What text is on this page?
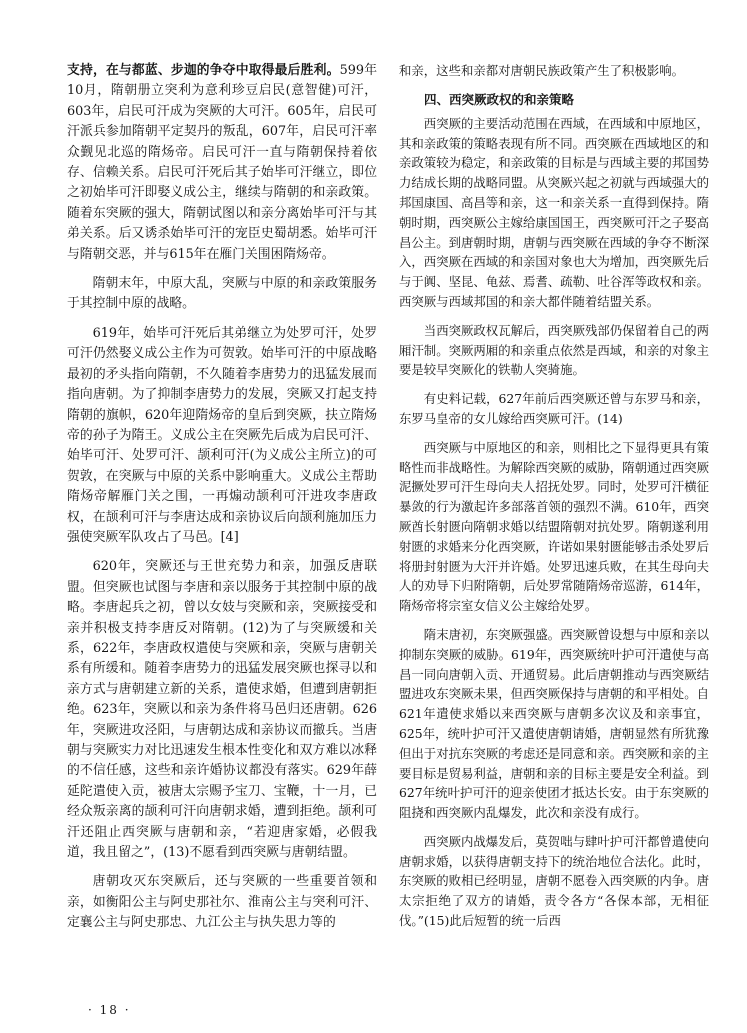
支持，在与都蓝、步迦的争夺中取得最后胜利。599年10月，隋朝册立突利为意利珍豆启民(意智健)可汗，603年，启民可汗成为突厥的大可汗。605年，启民可汗派兵参加隋朝平定契丹的叛乱，607年，启民可汗率众觐见北巡的隋炀帝。启民可汗一直与隋朝保持着依存、信赖关系。启民可汗死后其子始毕可汗继立，即位之初始毕可汗即娶义成公主，继续与隋朝的和亲政策。随着东突厥的强大，隋朝试图以和亲分离始毕可汗与其弟关系。后又诱杀始毕可汗的宠臣史蜀胡悉。始毕可汗与隋朝交恶，并与615年在雁门关围困隋炀帝。

隋朝末年，中原大乱，突厥与中原的和亲政策服务于其控制中原的战略。

619年，始毕可汗死后其弟继立为处罗可汗，处罗可汗仍然娶义成公主作为可贺敦。始毕可汗的中原战略最初的矛头指向隋朝，不久随着李唐势力的迅猛发展而指向唐朝。为了抑制李唐势力的发展，突厥又打起支持隋朝的旗帜，620年迎隋炀帝的皇后到突厥，扶立隋炀帝的孙子为隋王。义成公主在突厥先后成为启民可汗、始毕可汗、处罗可汗、颉利可汗(为义成公主所立)的可贺敦，在突厥与中原的关系中影响重大。义成公主帮助隋炀帝解雁门关之围，一再煽动颉利可汗进攻李唐政权，在颉利可汗与李唐达成和亲协议后向颉利施加压力强使突厥军队攻占了马邑。[4]

620年，突厥还与王世充势力和亲，加强反唐联盟。但突厥也试图与李唐和亲以服务于其控制中原的战略。李唐起兵之初，曾以女妓与突厥和亲，突厥接受和亲并积极支持李唐反对隋朝。(12)为了与突厥缓和关系，622年，李唐政权遣使与突厥和亲，突厥与唐朝关系有所缓和。随着李唐势力的迅猛发展突厥也探寻以和亲方式与唐朝建立新的关系，遣使求婚，但遭到唐朝拒绝。623年，突厥以和亲为条件将马邑归还唐朝。626年，突厥进攻泾阳，与唐朝达成和亲协议而撤兵。当唐朝与突厥实力对比迅速发生根本性变化和双方难以冰释的不信任感，这些和亲许婚协议都没有落实。629年薛延陀遣使入贡，被唐太宗赐予宝刀、宝鞭，十一月，已经众叛亲离的颉利可汗向唐朝求婚，遭到拒绝。颉利可汗还阻止西突厥与唐朝和亲，“若迎唐家婚，必假我道，我且留之”，(13)不愿看到西突厥与唐朝结盟。

唐朝攻灭东突厥后，还与突厥的一些重要首领和亲，如衡阳公主与阿史那社尔、淮南公主与突利可汗、定襄公主与阿史那忠、九江公主与执失思力等的

和亲，这些和亲都对唐朝民族政策产生了积极影响。

四、西突厥政权的和亲策略

西突厥的主要活动范围在西域，在西域和中原地区，其和亲政策的策略表现有所不同。西突厥在西域地区的和亲政策较为稳定，和亲政策的目标是与西域主要的邦国势力结成长期的战略同盟。从突厥兴起之初就与西域强大的邦国康国、高昌等和亲，这一和亲关系一直得到保持。隋朝时期，西突厥公主嫁给康国国王，西突厥可汗之子娶高昌公主。到唐朝时期，唐朝与西突厥在西域的争夺不断深入，西突厥在西域的和亲国对象也大为增加，西突厥先后与于阗、坚昆、龟兹、焉耆、疏勒、吐谷浑等政权和亲。西突厥与西域邦国的和亲大都伴随着结盟关系。

当西突厥政权瓦解后，西突厥残部仍保留着自己的两厢汗制。突厥两厢的和亲重点依然是西域，和亲的对象主要是较早突厥化的铁勒人突骑施。

有史料记载，627年前后西突厥还曾与东罗马和亲，东罗马皇帝的女儿嫁给西突厥可汗。(14)

西突厥与中原地区的和亲，则相比之下显得更具有策略性而非战略性。为解除西突厥的威胁，隋朝通过西突厥泥撅处罗可汗生母向夫人招抚处罗。同时，处罗可汗横征暴敛的行为激起许多部落首领的强烈不满。610年，西突厥酋长射匮向隋朝求婚以结盟隋朝对抗处罗。隋朝遂利用射匮的求婚来分化西突厥，许诺如果射匮能够击杀处罗后将册封射匮为大汗并许婚。处罗迅速兵败，在其生母向夫人的劝导下归附隋朝，后处罗常随隋炀帝巡游，614年，隋炀帝将宗室女信义公主嫁给处罗。

隋末唐初，东突厥强盛。西突厥曾设想与中原和亲以抑制东突厥的威胁。619年，西突厥统叶护可汗遣使与高昌一同向唐朝入贡、开通贸易。此后唐朝推动与西突厥结盟进攻东突厥未果，但西突厥保持与唐朝的和平相处。自621年遣使求婚以来西突厥与唐朝多次议及和亲事宜，625年，统叶护可汗又遣使唐朝请婚，唐朝显然有所犹豫但出于对抗东突厥的考虑还是同意和亲。西突厥和亲的主要目标是贸易利益，唐朝和亲的目标主要是安全利益。到627年统叶护可汗的迎亲使团才抵达长安。由于东突厥的阻挠和西突厥内乱爆发，此次和亲没有成行。

西突厥内战爆发后，莫贺咄与肆叶护可汗都曾遣使向唐朝求婚，以获得唐朝支持下的统治地位合法化。此时，东突厥的败相已经明显，唐朝不愿卷入西突厥的内争。唐太宗拒绝了双方的请婚，责令各方“各保本部，无相征伐。”(15)此后短暂的统一后西

· 18 ·
